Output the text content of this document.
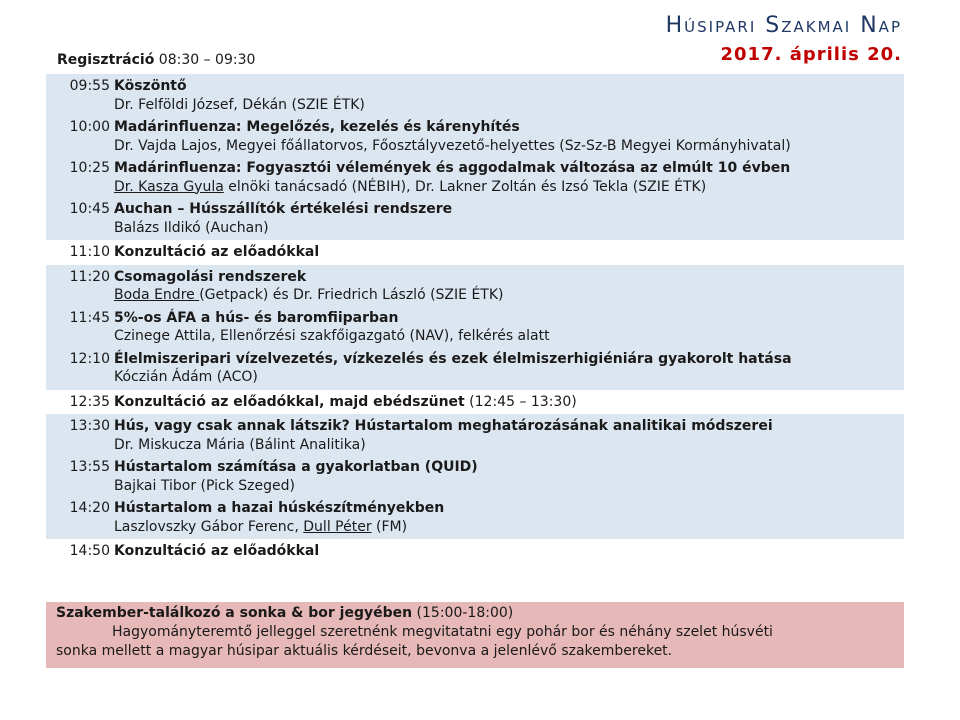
Húsipari Szakmai Nap
2017. április 20.
Regisztráció 08:30 – 09:30
09:55 Köszöntő
Dr. Felföldi József, Dékán (SZIE ÉTK)
10:00 Madárinfluenza: Megelőzés, kezelés és kárenyhítés
Dr. Vajda Lajos, Megyei főállatorvos, Főosztályvezető-helyettes (Sz-Sz-B Megyei Kormányhivatal)
10:25 Madárinfluenza: Fogyasztói vélemények és aggodalmak változása az elmúlt 10 évben
Dr. Kasza Gyula elnöki tanácsadó (NÉBIH), Dr. Lakner Zoltán és Izsó Tekla (SZIE ÉTK)
10:45 Auchan – Hússzállítók értékelési rendszere
Balázs Ildikó (Auchan)
11:10 Konzultáció az előadókkal
11:20 Csomagolási rendszerek
Boda Endre (Getpack) és Dr. Friedrich László (SZIE ÉTK)
11:45 5%-os ÁFA a hús- és baromfiiparban
Czinege Attila, Ellenőrzési szakfőigazgató (NAV), felkérés alatt
12:10 Élelmiszeripari vízelvezetés, vízkezelés és ezek élelmiszerhigiéniára gyakorolt hatása
Kóczián Ádám (ACO)
12:35 Konzultáció az előadókkal, majd ebédszünet (12:45 – 13:30)
13:30 Hús, vagy csak annak látszik? Hústartalom meghatározásának analitikai módszerei
Dr. Miskucza Mária (Bálint Analitika)
13:55 Hústartalom számítása a gyakorlatban (QUID)
Bajkai Tibor (Pick Szeged)
14:20 Hústartalom a hazai húskészítményekben
Laszlovszky Gábor Ferenc, Dull Péter (FM)
14:50 Konzultáció az előadókkal
Szakember-találkozó a sonka & bor jegyében (15:00-18:00)
Hagyományteremtő jelleggel szeretnénk megvitatatni egy pohár bor és néhány szelet húsvéti
sonka mellett a magyar húsipar aktuális kérdéseit, bevonva a jelenlévő szakembereket.
